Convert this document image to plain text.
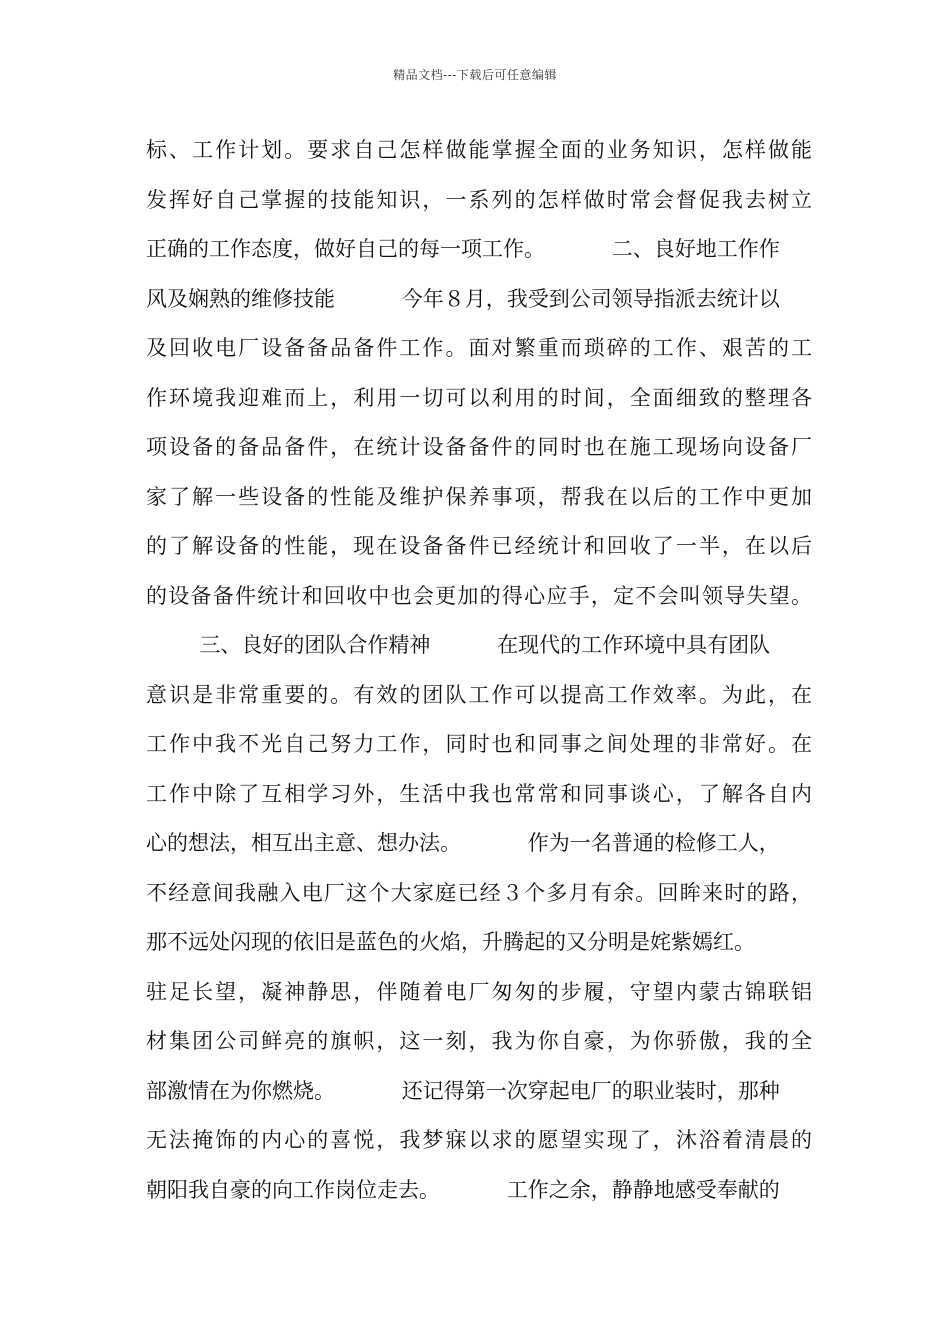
精品文档---下载后可任意编辑
标、工作计划。要求自己怎样做能掌握全面的业务知识，怎样做能
发挥好自己掌握的技能知识，一系列的怎样做时常会督促我去树立
正确的工作态度，做好自己的每一项工作。          二、良好地工作作
风及娴熟的维修技能          今年８月，我受到公司领导指派去统计以
及回收电厂设备备品备件工作。面对繁重而琐碎的工作、艰苦的工
作环境我迎难而上，利用一切可以利用的时间，全面细致的整理各
项设备的备品备件，在统计设备备件的同时也在施工现场向设备厂
家了解一些设备的性能及维护保养事项，帮我在以后的工作中更加
的了解设备的性能，现在设备备件已经统计和回收了一半，在以后
的设备备件统计和回收中也会更加的得心应手，定不会叫领导失望。
三、良好的团队合作精神          在现代的工作环境中具有团队
意识是非常重要的。有效的团队工作可以提高工作效率。为此，在
工作中我不光自己努力工作，同时也和同事之间处理的非常好。在
工作中除了互相学习外，生活中我也常常和同事谈心，了解各自内
心的想法，相互出主意、想办法。          作为一名普通的检修工人，
不经意间我融入电厂这个大家庭已经３个多月有余。回眸来时的路，
那不远处闪现的依旧是蓝色的火焰，升腾起的又分明是姹紫嫣红。
驻足长望，凝神静思，伴随着电厂匆匆的步履，守望内蒙古锦联铝
材集团公司鲜亮的旗帜，这一刻，我为你自豪，为你骄傲，我的全
部激情在为你燃烧。          还记得第一次穿起电厂的职业装时，那种
无法掩饰的内心的喜悦，我梦寐以求的愿望实现了，沐浴着清晨的
朝阳我自豪的向工作岗位走去。          工作之余，静静地感受奉献的
